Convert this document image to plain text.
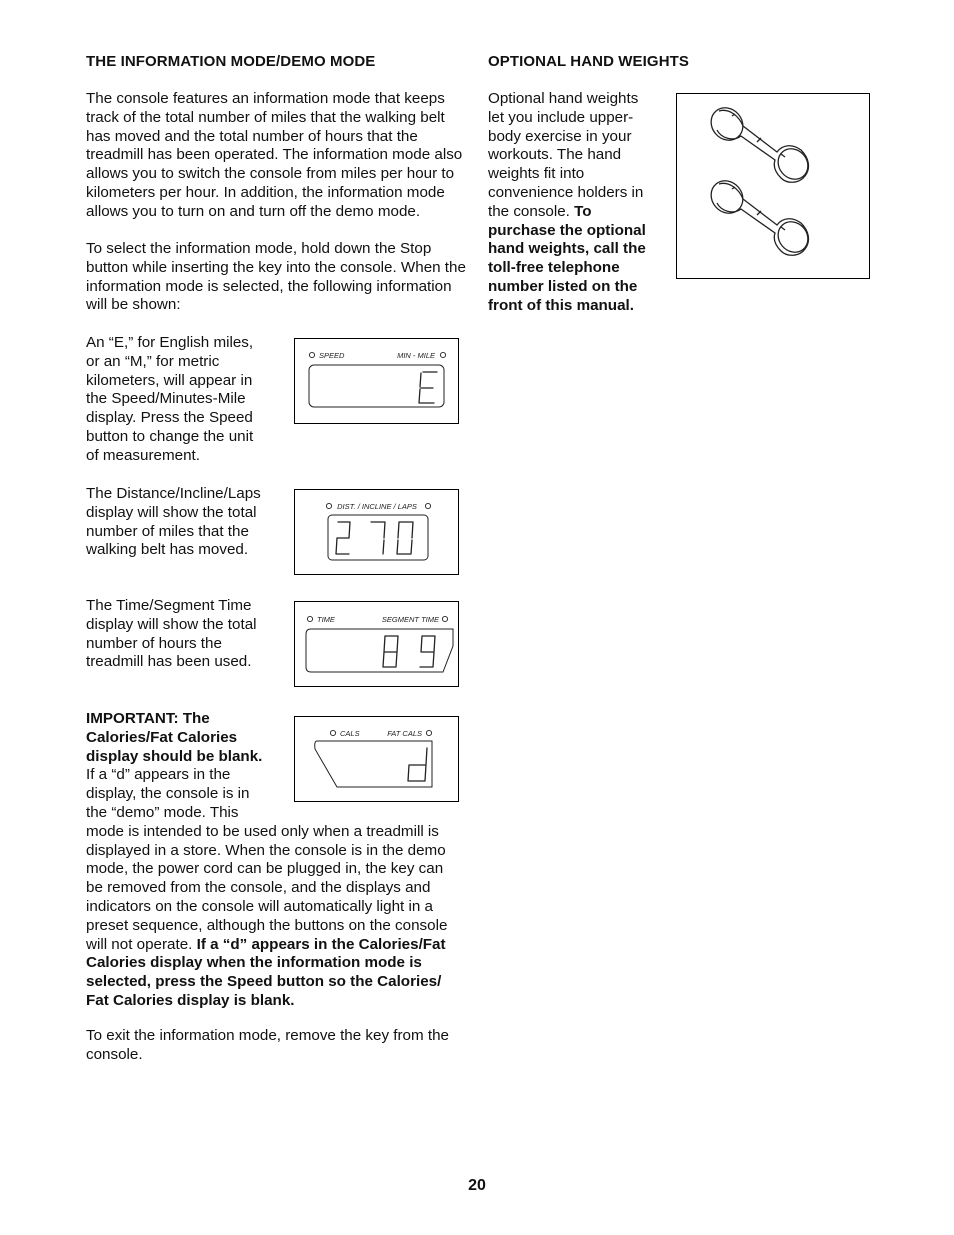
THE INFORMATION MODE/DEMO MODE

The console features an information mode that keeps track of the total number of miles that the walking belt has moved and the total number of hours that the treadmill has been operated. The information mode also allows you to switch the console from miles per hour to kilometers per hour. In addition, the information mode allows you to turn on and turn off the demo mode.

To select the information mode, hold down the Stop button while inserting the key into the console. When the information mode is selected, the following information will be shown:

An “E,” for English miles, or an “M,” for metric kilometers, will appear in the Speed/Minutes-Mile display. Press the Speed button to change the unit of measurement.

The Distance/Incline/Laps display will show the total number of miles that the walking belt has moved.

The Time/Segment Time display will show the total number of hours the treadmill has been used.

IMPORTANT: The Calories/Fat Calories display should be blank. If a “d” appears in the display, the console is in the “demo” mode. This mode is intended to be used only when a treadmill is displayed in a store. When the console is in the demo mode, the power cord can be plugged in, the key can be removed from the console, and the displays and indicators on the console will automatically light in a preset sequence, although the buttons on the console will not operate. If a “d” appears in the Calories/Fat Calories display when the information mode is selected, press the Speed button so the Calories/ Fat Calories display is blank.

To exit the information mode, remove the key from the console.

SPEED	MIN - MILE
DIST. / INCLINE / LAPS
TIME	SEGMENT TIME
CALS	FAT CALS
OPTIONAL HAND WEIGHTS

Optional hand weights let you include upper-body exercise in your workouts. The hand weights fit into convenience holders in the console. To purchase the optional hand weights, call the toll-free telephone number listed on the front of this manual.

20
